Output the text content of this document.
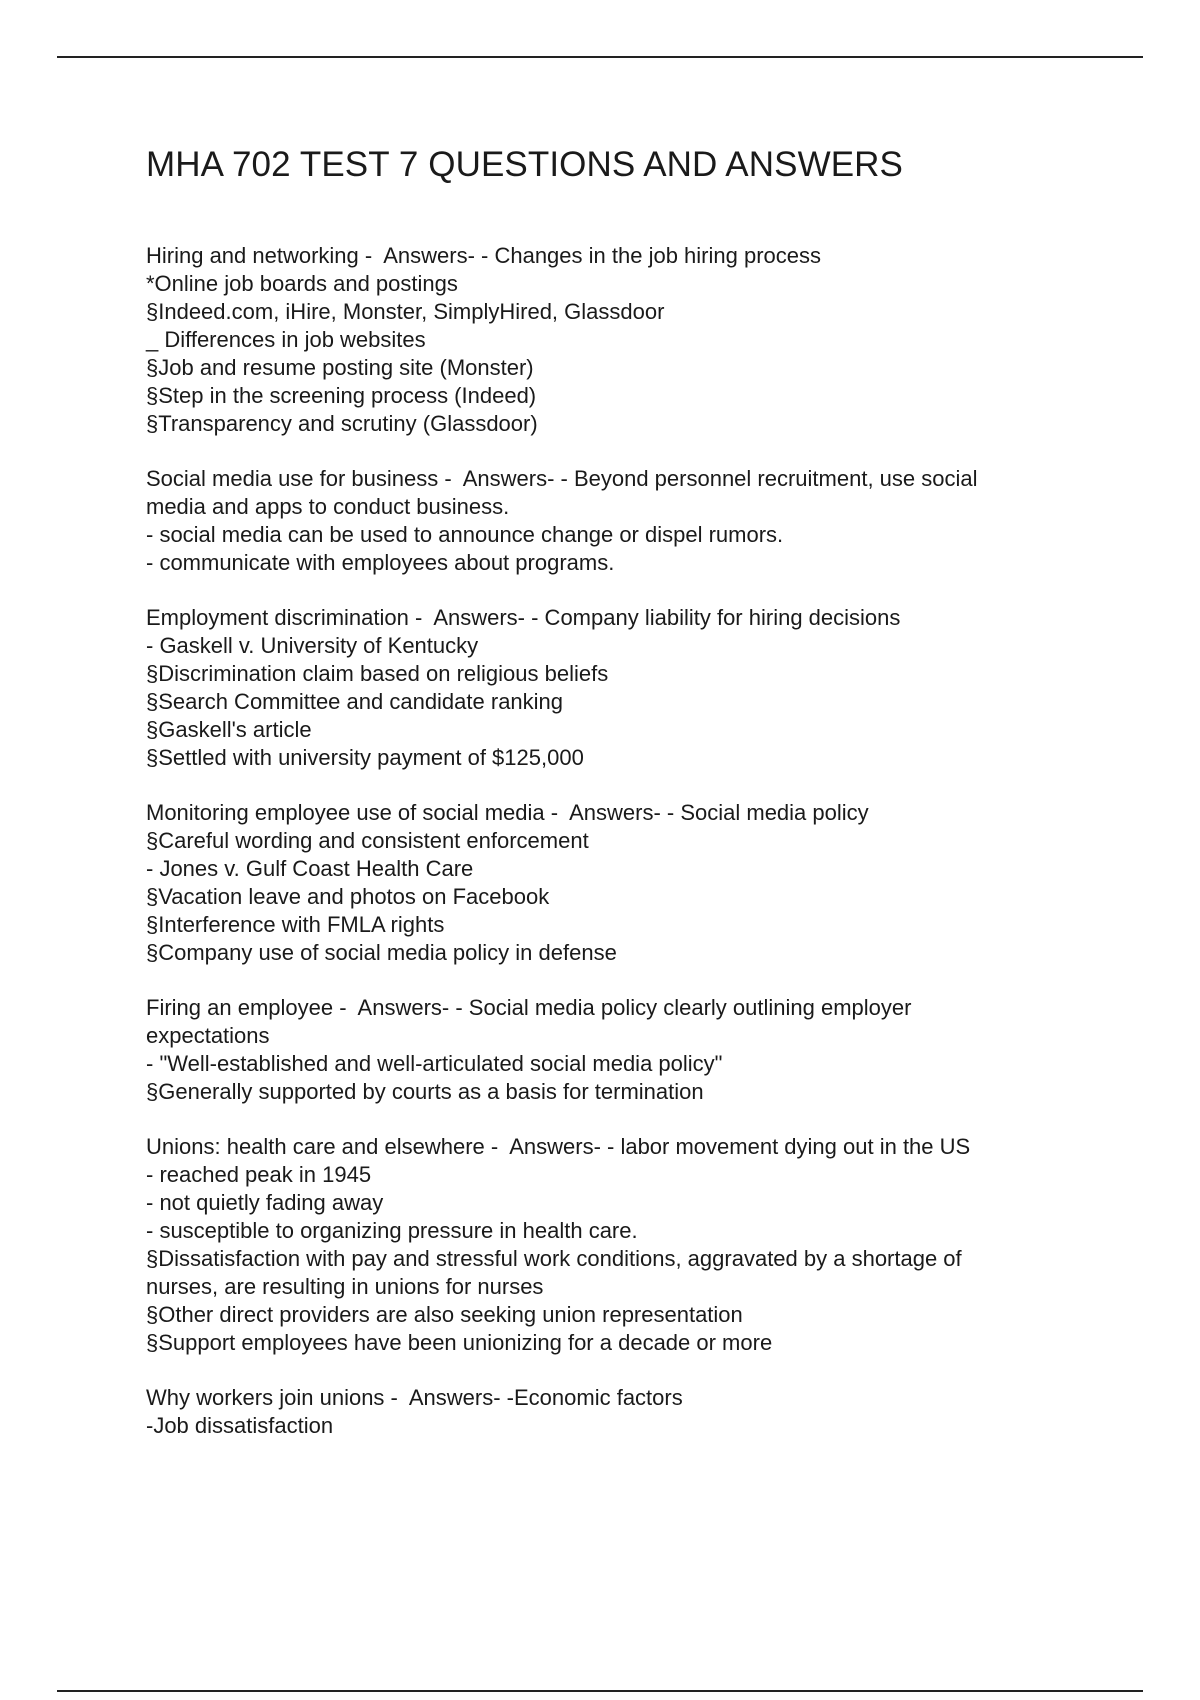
MHA 702 TEST 7 QUESTIONS AND ANSWERS
Hiring and networking -  Answers- - Changes in the job hiring process
*Online job boards and postings
§Indeed.com, iHire, Monster, SimplyHired, Glassdoor
_ Differences in job websites
§Job and resume posting site (Monster)
§Step in the screening process (Indeed)
§Transparency and scrutiny (Glassdoor)
Social media use for business -  Answers- - Beyond personnel recruitment, use social
media and apps to conduct business.
- social media can be used to announce change or dispel rumors.
- communicate with employees about programs.
Employment discrimination -  Answers- - Company liability for hiring decisions
- Gaskell v. University of Kentucky
§Discrimination claim based on religious beliefs
§Search Committee and candidate ranking
§Gaskell's article
§Settled with university payment of $125,000
Monitoring employee use of social media -  Answers- - Social media policy
§Careful wording and consistent enforcement
- Jones v. Gulf Coast Health Care
§Vacation leave and photos on Facebook
§Interference with FMLA rights
§Company use of social media policy in defense
Firing an employee -  Answers- - Social media policy clearly outlining employer
expectations
- "Well-established and well-articulated social media policy"
§Generally supported by courts as a basis for termination
Unions: health care and elsewhere -  Answers- - labor movement dying out in the US
- reached peak in 1945
- not quietly fading away
- susceptible to organizing pressure in health care.
§Dissatisfaction with pay and stressful work conditions, aggravated by a shortage of
nurses, are resulting in unions for nurses
§Other direct providers are also seeking union representation
§Support employees have been unionizing for a decade or more
Why workers join unions -  Answers- -Economic factors
-Job dissatisfaction
